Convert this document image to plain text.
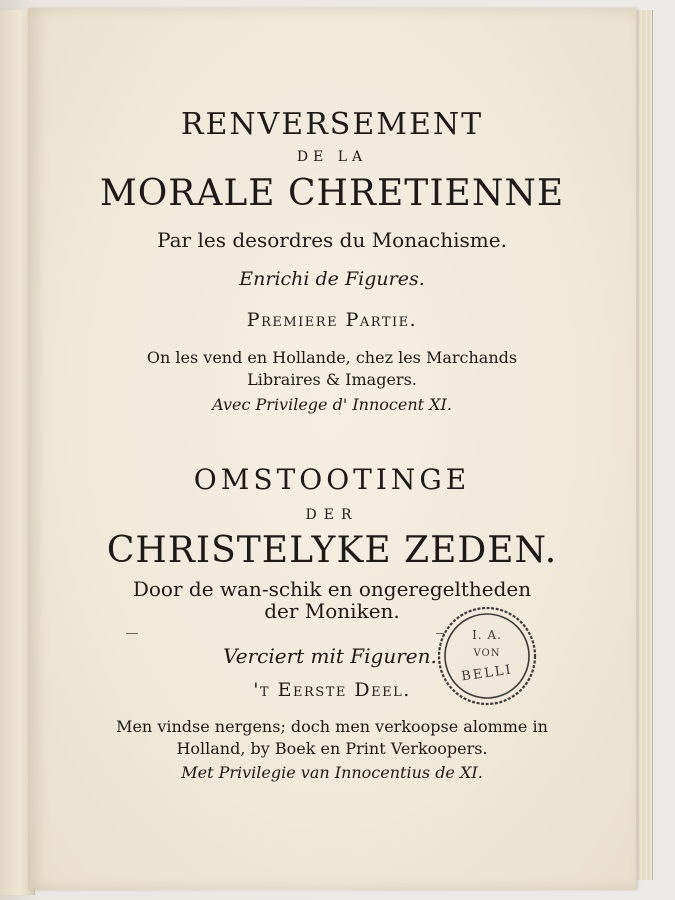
RENVERSEMENT

DE LA

MORALE CHRETIENNE

Par les desordres du Monachisme.

Enrichi de Figures.

Premiere Partie.

On les vend en Hollande, chez les Marchands

Libraires & Imagers.

Avec Privilege d' Innocent XI.

OMSTOOTINGE

DER

CHRISTELYKE ZEDEN.

Door de wan-schik en ongeregeltheden

der Moniken.

Verciert mit Figuren.

't Eerste Deel.

Men vindse nergens; doch men verkoopse alomme in

Holland, by Boek en Print Verkoopers.

Met Privilegie van Innocentius de XI.

I. A.
VON
BELLI
